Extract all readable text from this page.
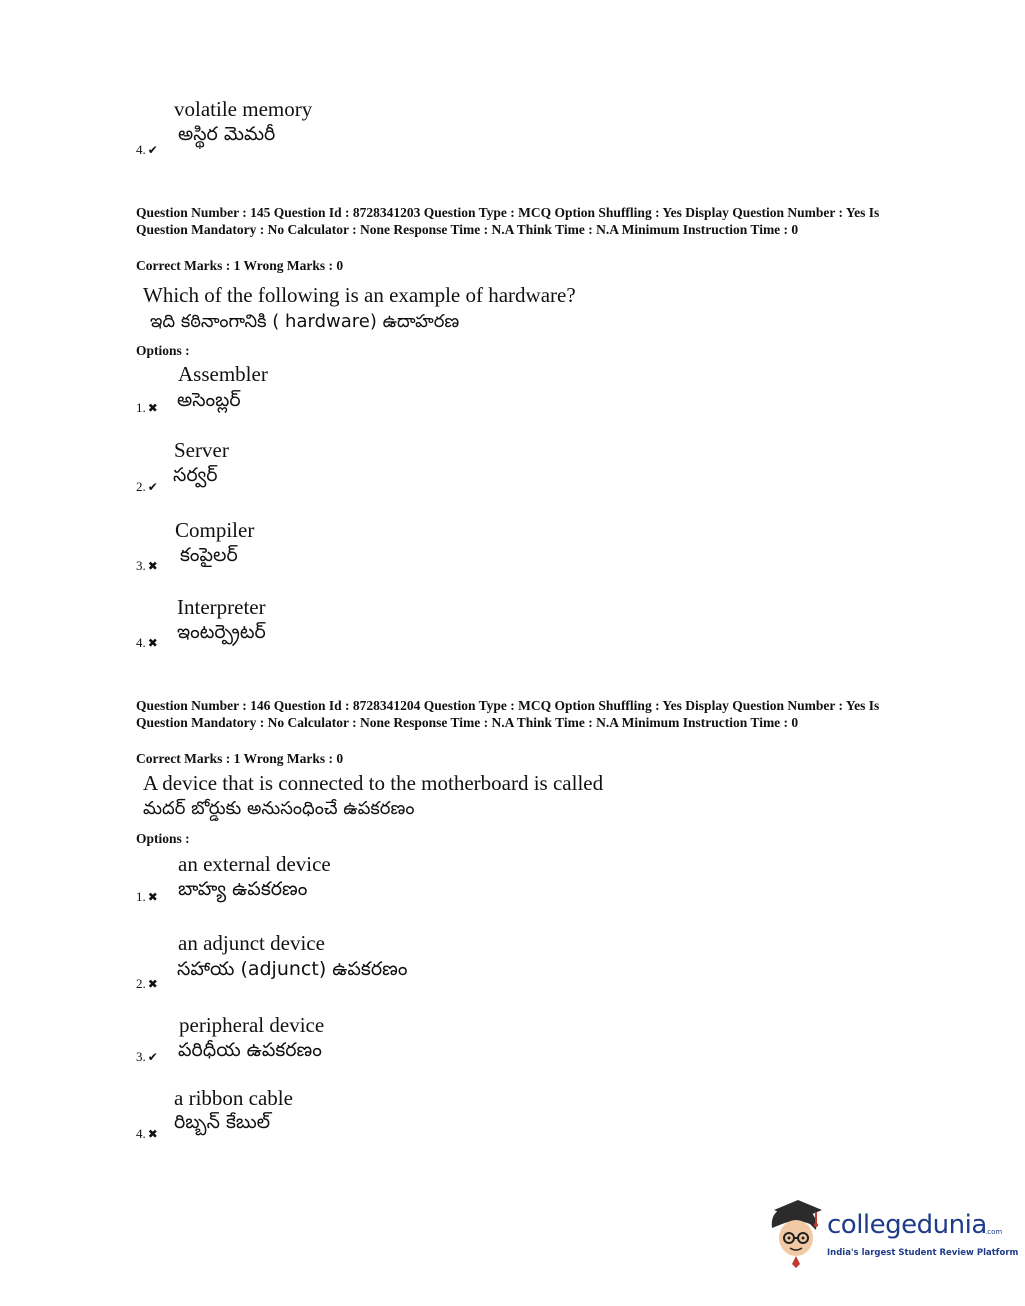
volatile memory
అస్థిర మెమరీ
4. ✔
Question Number : 145 Question Id : 8728341203 Question Type : MCQ Option Shuffling : Yes Display Question Number : Yes Is Question Mandatory : No Calculator : None Response Time : N.A Think Time : N.A Minimum Instruction Time : 0
Correct Marks : 1 Wrong Marks : 0
Which of the following is an example of hardware?
ఇది కఠినాంగానికి ( hardware) ఉదాహరణ
Options :
Assembler
అసెంబ్లర్
1. ✖
Server
సర్వర్
2. ✔
Compiler
కంపైలర్
3. ✖
Interpreter
ఇంటర్ప్రెటర్
4. ✖
Question Number : 146 Question Id : 8728341204 Question Type : MCQ Option Shuffling : Yes Display Question Number : Yes Is Question Mandatory : No Calculator : None Response Time : N.A Think Time : N.A Minimum Instruction Time : 0
Correct Marks : 1 Wrong Marks : 0
A device that is connected to the motherboard is called
మదర్ బోర్డుకు అనుసంధించే ఉపకరణం
Options :
an external device
బాహ్య ఉపకరణం
1. ✖
an adjunct device
సహాయ (adjunct) ఉపకరణం
2. ✖
peripheral device
పరిధీయ ఉపకరణం
3. ✔
a ribbon cable
రిబ్బన్ కేబుల్
4. ✖
collegedunia
.com
India's largest Student Review Platform
